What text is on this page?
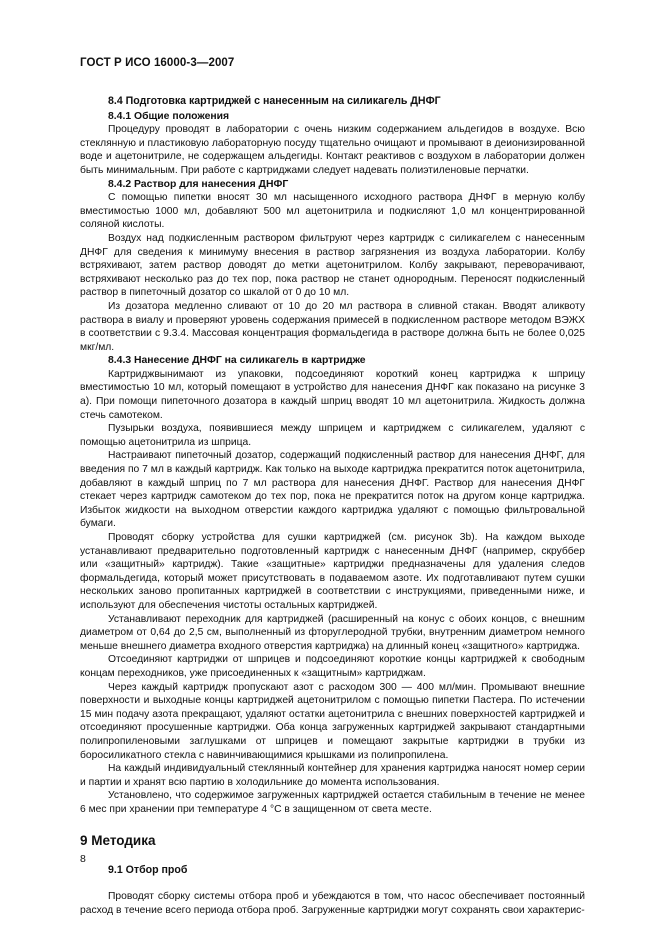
ГОСТ Р ИСО 16000-3—2007
8.4 Подготовка картриджей с нанесенным на силикагель ДНФГ
8.4.1 Общие положения

Процедуру проводят в лаборатории с очень низким содержанием альдегидов в воздухе. Всю стеклянную и пластиковую лабораторную посуду тщательно очищают и промывают в деионизированной воде и ацетонитриле, не содержащем альдегиды. Контакт реактивов с воздухом в лаборатории должен быть минимальным. При работе с картриджами следует надевать полиэтиленовые перчатки.

8.4.2 Раствор для нанесения ДНФГ

С помощью пипетки вносят 30 мл насыщенного исходного раствора ДНФГ в мерную колбу вместимостью 1000 мл, добавляют 500 мл ацетонитрила и подкисляют 1,0 мл концентрированной соляной кислоты.

Воздух над подкисленным раствором фильтруют через картридж с силикагелем с нанесенным ДНФГ для сведения к минимуму внесения в раствор загрязнения из воздуха лаборатории. Колбу встряхивают, затем раствор доводят до метки ацетонитрилом. Колбу закрывают, переворачивают, встряхивают несколько раз до тех пор, пока раствор не станет однородным. Переносят подкисленный раствор в пипеточный дозатор со шкалой от 0 до 10 мл.

Из дозатора медленно сливают от 10 до 20 мл раствора в сливной стакан. Вводят аликвоту раствора в виалу и проверяют уровень содержания примесей в подкисленном растворе методом ВЭЖХ в соответствии с 9.3.4. Массовая концентрация формальдегида в растворе должна быть не более 0,025 мкг/мл.

8.4.3 Нанесение ДНФГ на силикагель в картридже

Картриджвынимают из упаковки, подсоединяют короткий конец картриджа к шприцу вместимостью 10 мл, который помещают в устройство для нанесения ДНФГ как показано на рисунке 3 а). При помощи пипеточного дозатора в каждый шприц вводят 10 мл ацетонитрила. Жидкость должна стечь самотеком.

Пузырьки воздуха, появившиеся между шприцем и картриджем с силикагелем, удаляют с помощью ацетонитрила из шприца.

Настраивают пипеточный дозатор, содержащий подкисленный раствор для нанесения ДНФГ, для введения по 7 мл в каждый картридж. Как только на выходе картриджа прекратится поток ацетонитрила, добавляют в каждый шприц по 7 мл раствора для нанесения ДНФГ. Раствор для нанесения ДНФГ стекает через картридж самотеком до тех пор, пока не прекратится поток на другом конце картриджа. Избыток жидкости на выходном отверстии каждого картриджа удаляют с помощью фильтровальной бумаги.

Проводят сборку устройства для сушки картриджей (см. рисунок 3b). На каждом выходе устанавливают предварительно подготовленный картридж с нанесенным ДНФГ (например, скруббер или «защитный» картридж). Такие «защитные» картриджи предназначены для удаления следов формальдегида, который может присутствовать в подаваемом азоте. Их подготавливают путем сушки нескольких заново пропитанных картриджей в соответствии с инструкциями, приведенными ниже, и используют для обеспечения чистоты остальных картриджей.

Устанавливают переходник для картриджей (расширенный на конус с обоих концов, с внешним диаметром от 0,64 до 2,5 см, выполненный из фторуглеродной трубки, внутренним диаметром немного меньше внешнего диаметра входного отверстия картриджа) на длинный конец «защитного» картриджа.

Отсоединяют картриджи от шприцев и подсоединяют короткие концы картриджей к свободным концам переходников, уже присоединенных к «защитным» картриджам.

Через каждый картридж пропускают азот с расходом 300 — 400 мл/мин. Промывают внешние поверхности и выходные концы картриджей ацетонитрилом с помощью пипетки Пастера. По истечении 15 мин подачу азота прекращают, удаляют остатки ацетонитрила с внешних поверхностей картриджей и отсоединяют просушенные картриджи. Оба конца загруженных картриджей закрывают стандартными полипропиленовыми заглушками от шприцев и помещают закрытые картриджи в трубки из боросиликатного стекла с навинчивающимися крышками из полипропилена.

На каждый индивидуальный стеклянный контейнер для хранения картриджа наносят номер серии и партии и хранят всю партию в холодильнике до момента использования.

Установлено, что содержимое загруженных картриджей остается стабильным в течение не менее 6 мес при хранении при температуре 4 °С в защищенном от света месте.

9 Методика
9.1 Отбор проб

Проводят сборку системы отбора проб и убеждаются в том, что насос обеспечивает постоянный расход в течение всего периода отбора проб. Загруженные картриджи могут сохранять свои характерис-

8
